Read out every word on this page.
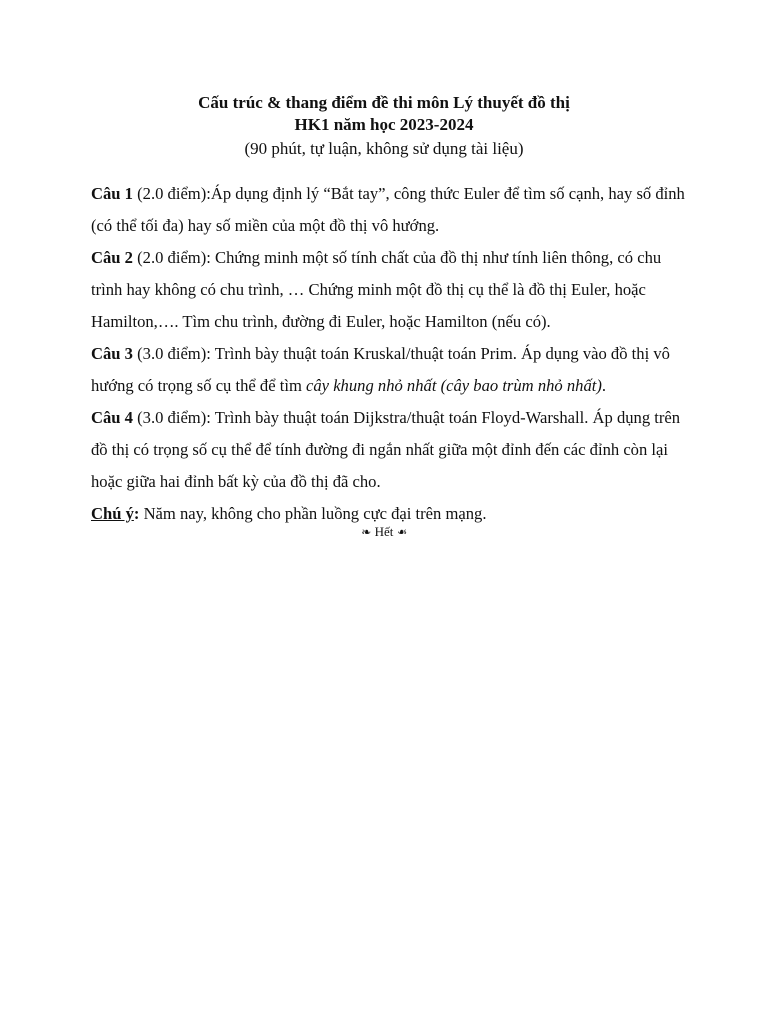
Cấu trúc & thang điểm đề thi môn Lý thuyết đồ thị
HK1 năm học 2023-2024
(90 phút, tự luận, không sử dụng tài liệu)

Câu 1 (2.0 điểm):Áp dụng định lý “Bắt tay”, công thức Euler để tìm số cạnh, hay số đỉnh (có thể tối đa) hay số miền của một đồ thị vô hướng.

Câu 2 (2.0 điểm): Chứng minh một số tính chất của đồ thị như tính liên thông, có chu trình hay không có chu trình, … Chứng minh một đồ thị cụ thể là đồ thị Euler, hoặc Hamilton,…. Tìm chu trình, đường đi Euler, hoặc Hamilton (nếu có).

Câu 3 (3.0 điểm): Trình bày thuật toán Kruskal/thuật toán Prim. Áp dụng vào đồ thị vô hướng có trọng số cụ thể để tìm cây khung nhỏ nhất (cây bao trùm nhỏ nhất).

Câu 4 (3.0 điểm): Trình bày thuật toán Dijkstra/thuật toán Floyd-Warshall. Áp dụng trên đồ thị có trọng số cụ thể để tính đường đi ngắn nhất giữa một đỉnh đến các đỉnh còn lại hoặc giữa hai đỉnh bất kỳ của đồ thị đã cho.

Chú ý: Năm nay, không cho phần luồng cực đại trên mạng.

❧ Hết ❧
